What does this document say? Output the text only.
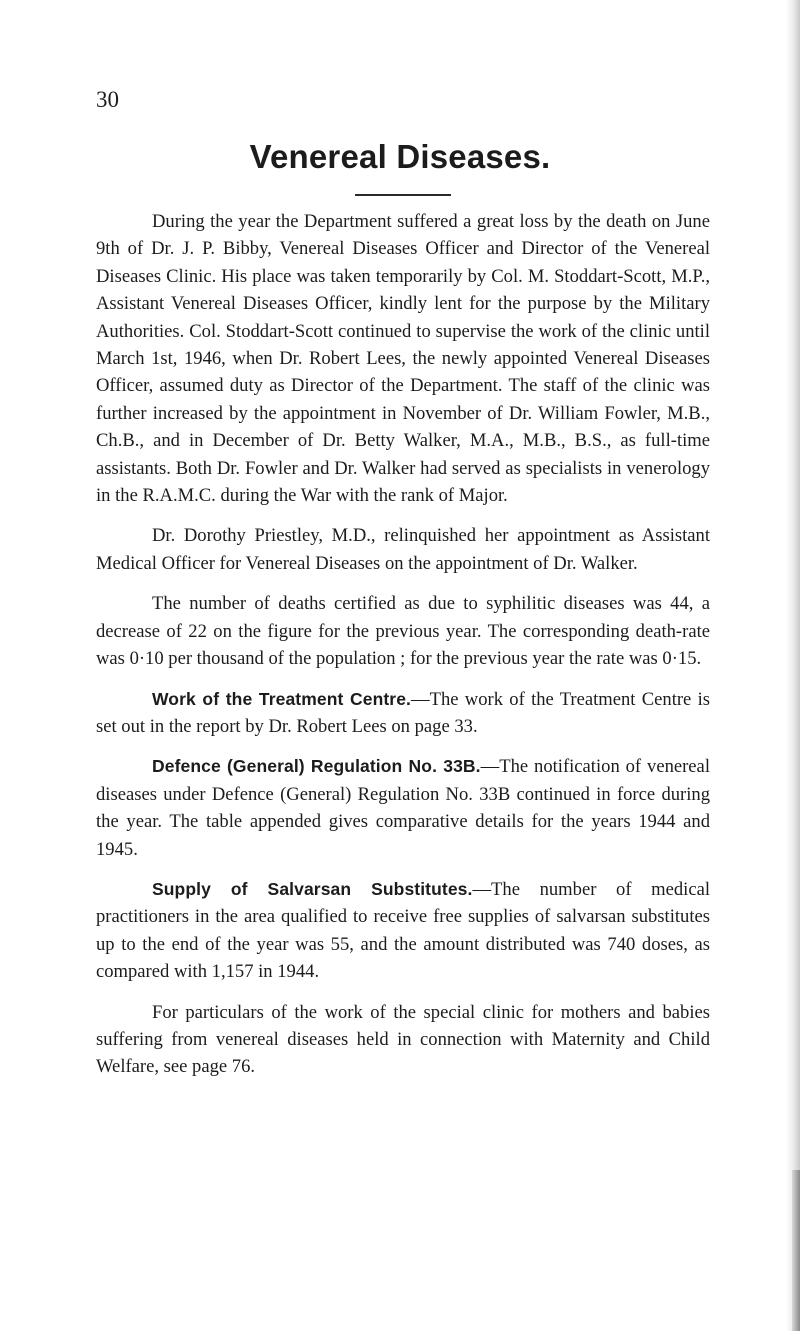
30
Venereal Diseases.

During the year the Department suffered a great loss by the death on June 9th of Dr. J. P. Bibby, Venereal Diseases Officer and Director of the Venereal Diseases Clinic. His place was taken temporarily by Col. M. Stoddart-Scott, M.P., Assistant Venereal Diseases Officer, kindly lent for the purpose by the Military Authorities. Col. Stoddart-Scott continued to supervise the work of the clinic until March 1st, 1946, when Dr. Robert Lees, the newly appointed Venereal Diseases Officer, assumed duty as Director of the Department. The staff of the clinic was further increased by the appointment in November of Dr. William Fowler, M.B., Ch.B., and in December of Dr. Betty Walker, M.A., M.B., B.S., as full-time assistants. Both Dr. Fowler and Dr. Walker had served as specialists in venerology in the R.A.M.C. during the War with the rank of Major.

Dr. Dorothy Priestley, M.D., relinquished her appointment as Assistant Medical Officer for Venereal Diseases on the appointment of Dr. Walker.

The number of deaths certified as due to syphilitic diseases was 44, a decrease of 22 on the figure for the previous year. The corresponding death-rate was 0·10 per thousand of the population ; for the previous year the rate was 0·15.

Work of the Treatment Centre.—The work of the Treatment Centre is set out in the report by Dr. Robert Lees on page 33.

Defence (General) Regulation No. 33B.—The notification of venereal diseases under Defence (General) Regulation No. 33B continued in force during the year. The table appended gives comparative details for the years 1944 and 1945.

Supply of Salvarsan Substitutes.—The number of medical practitioners in the area qualified to receive free supplies of salvarsan substitutes up to the end of the year was 55, and the amount distributed was 740 doses, as compared with 1,157 in 1944.

For particulars of the work of the special clinic for mothers and babies suffering from venereal diseases held in connection with Maternity and Child Welfare, see page 76.
